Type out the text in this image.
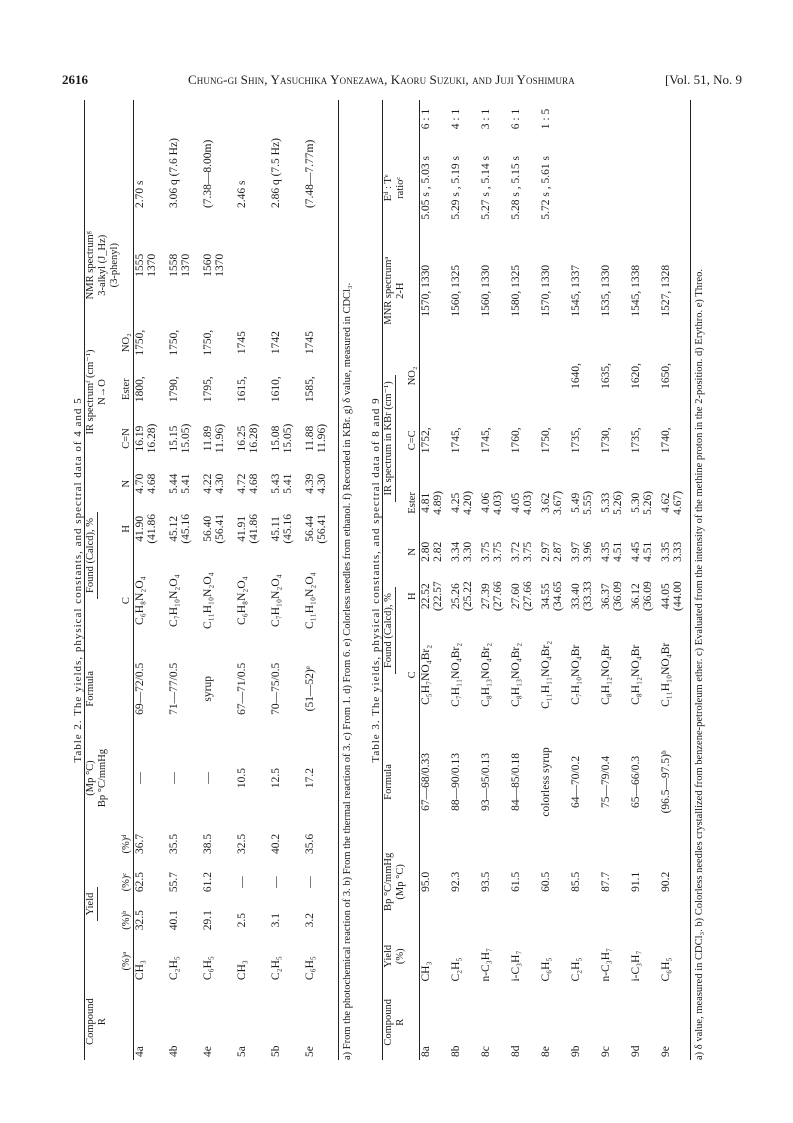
2616	Chung-gi Shin, Yasuchika Yonezawa, Kaoru Suzuki, and Juji Yoshimura	[Vol. 51, No. 9

Table 2. The yields, physical constants, and spectral data of 4 and 5

Compound R	Yield				(Mp °C) Bp °C/mmHg	Formula	Found (Calcd), %			IR spectrumᶠ (cm⁻¹) N→O			NMR spectrumᵍ 3-alkyl (J_Hz) (3-phenyl)	

	(%)ᵃ	(%)ᵇ	(%)ᶜ	(%)ᵈ			C	H	N	C=N	Ester	NO₂		
4a	CH₃	32.5	62.5	36.7	—	69—72/0.5	C₆H₈N₂O₄	41.90 (41.86	4.70 4.68	16.19 16.28)	1800,	1750,	1555 1370	2.70 s
4b	C₂H₅	40.1	55.7	35.5	—	71—77/0.5	C₇H₁₀N₂O₄	45.12 (45.16	5.44 5.41	15.15 15.05)	1790,	1750,	1558 1370	3.06 q (7.6 Hz)
4e	C₆H₅	29.1	61.2	38.5	—	syrup	C₁₁H₁₀N₂O₄	56.40 (56.41	4.22 4.30	11.89 11.96)	1795,	1750,	1560 1370	(7.38—8.00m)
5a	CH₃	2.5	—	32.5	10.5	67—71/0.5	C₆H₈N₂O₄	41.91 (41.86	4.72 4.68	16.25 16.28)	1615,	1745		2.46 s
5b	C₂H₅	3.1	—	40.2	12.5	70—75/0.5	C₇H₁₀N₂O₄	45.11 (45.16	5.43 5.41	15.08 15.05)	1610,	1742		2.86 q (7.5 Hz)
5e	C₆H₅	3.2	—	35.6	17.2	(51—52)ᵉ	C₁₁H₁₀N₂O₄	56.44 (56.41	4.39 4.30	11.88 11.96)	1585,	1745		(7.48—7.77m)

a) From the photochemical reaction of 3. b) From the thermal reaction of 3. c) From 1. d) From 6. e) Colorless needles from ethanol. f) Recorded in KBr. g) δ value, measured in CDCl₃. Table 3. The yields, physical constants, and spectral data of 8 and 9

Compound R	Yield (%)	Bp °C/mmHg (Mp °C)	Formula	Found (Calcd), %			IR spectrum in KBr (cm⁻¹)			MNR spectrumᵃ 2-H	Eᵈ : Tᵉ ratioᶜ	

				C	H	N	Ester	C=C	NO₂			
8a	CH₃	95.0	67—68/0.33	C₅H₇NO₄Br₂	22.52 (22.57	2.80 2.82	4.81 4.89)	1752,		1570, 1330	5.05 s , 5.03 s	6 : 1
8b	C₂H₅	92.3	88—90/0.13	C₇H₁₁NO₄Br₂	25.26 (25.22	3.34 3.30	4.25 4.20)	1745,		1560, 1325	5.29 s , 5.19 s	4 : 1
8c	n-C₃H₇	93.5	93—95/0.13	C₈H₁₃NO₄Br₂	27.39 (27.66	3.75 3.75	4.06 4.03)	1745,		1560, 1330	5.27 s , 5.14 s	3 : 1
8d	i-C₃H₇	61.5	84—85/0.18	C₈H₁₃NO₄Br₂	27.60 (27.66	3.72 3.75	4.05 4.03)	1760,		1580, 1325	5.28 s , 5.15 s	6 : 1
8e	C₆H₅	60.5	colorless syrup	C₁₁H₁₁NO₄Br₂	34.55 (34.65	2.97 2.87	3.62 3.67)	1750,		1570, 1330	5.72 s , 5.61 s	1 : 5
9b	C₂H₅	85.5	64—70/0.2	C₇H₁₀NO₄Br	33.40 (33.33	3.97 3.96	5.49 5.55)	1735,	1640,	1545, 1337		
9c	n-C₃H₇	87.7	75—79/0.4	C₈H₁₂NO₄Br	36.37 (36.09	4.35 4.51	5.33 5.26)	1730,	1635,	1535, 1330		
9d	i-C₃H₇	91.1	65—66/0.3	C₈H₁₂NO₄Br	36.12 (36.09	4.45 4.51	5.30 5.26)	1735,	1620,	1545, 1338		
9e	C₆H₅	90.2	(96.5—97.5)ᵇ	C₁₁H₁₀NO₄Br	44.05 (44.00	3.35 3.33	4.62 4.67)	1740,	1650,	1527, 1328		a) δ value, measured in CDCl₃. b) Colorless needles crystallized from benzene-petroleum ether. c) Evaluated from the intensity of the methine proton in the 2-position. d) Erythro. e) Threo.
